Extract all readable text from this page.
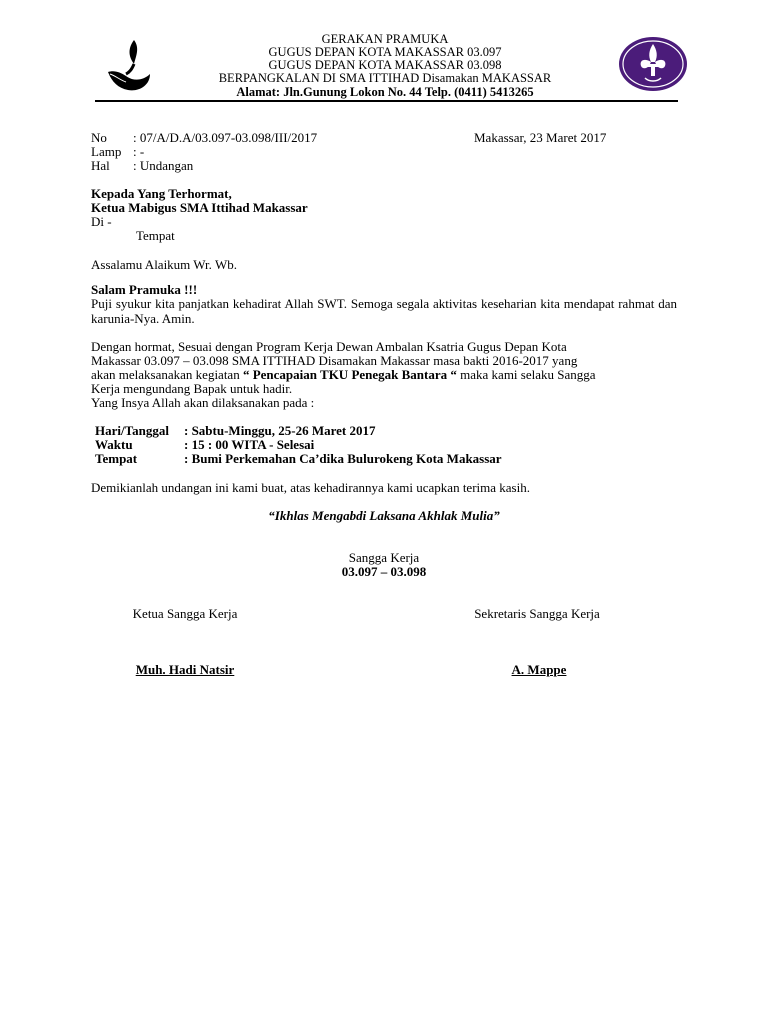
GERAKAN PRAMUKA
GUGUS DEPAN KOTA MAKASSAR 03.097
GUGUS DEPAN KOTA MAKASSAR 03.098
BERPANGKALAN DI SMA ITTIHAD Disamakan MAKASSAR
Alamat: Jln.Gunung Lokon No. 44 Telp. (0411) 5413265
No : 07/A/D.A/03.097-03.098/III/2017	Makassar, 23 Maret 2017
Lamp : -
Hal : Undangan
Kepada Yang Terhormat,
Ketua Mabigus SMA Ittihad Makassar
Di -
Tempat
Assalamu Alaikum Wr. Wb.
Salam Pramuka !!!
Puji syukur kita panjatkan kehadirat Allah SWT. Semoga segala aktivitas keseharian kita mendapat rahmat dan karunia-Nya. Amin.
Dengan hormat, Sesuai dengan Program Kerja Dewan Ambalan Ksatria Gugus Depan Kota
Makassar 03.097 – 03.098 SMA ITTIHAD Disamakan Makassar masa bakti 2016-2017 yang
akan melaksanakan kegiatan “ Pencapaian TKU Penegak Bantara “ maka kami selaku Sangga
Kerja mengundang Bapak untuk hadir.
Yang Insya Allah akan dilaksanakan pada :
Hari/Tanggal : Sabtu-Minggu, 25-26 Maret 2017
Waktu	: 15 : 00 WITA - Selesai
Tempat	: Bumi Perkemahan Ca’dika Bulurokeng Kota Makassar
Demikianlah undangan ini kami buat, atas kehadirannya kami ucapkan terima kasih.
“Ikhlas Mengabdi Laksana Akhlak Mulia”
Sangga Kerja
03.097 – 03.098
Ketua Sangga Kerja	Sekretaris Sangga Kerja
Muh. Hadi Natsir	A. Mappe
